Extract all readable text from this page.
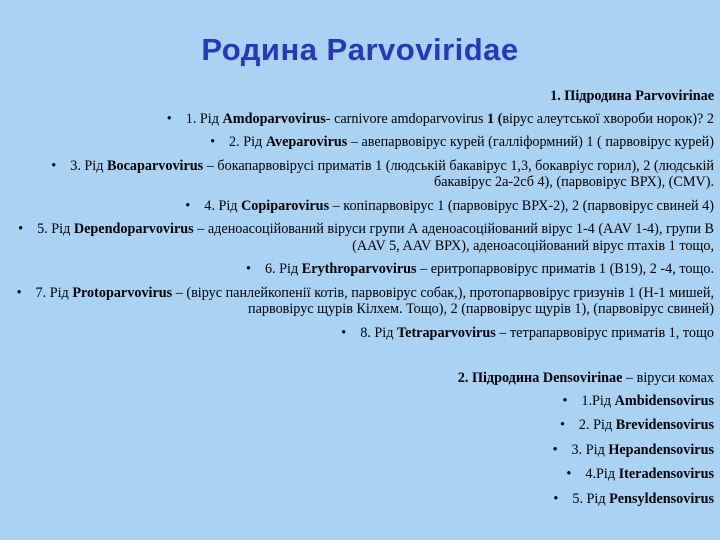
Родина Parvoviridae
1. Підродина Parvovirinae
• 1. Рід Amdoparvovirus- carnivore amdoparvovirus 1 (вірус алеутської хвороби норок)? 2
• 2. Рід Aveparovirus – авепарвовірус курей (галліформний) 1 ( парвовірус курей)
• 3. Рід Bocaparvovirus – бокапарвовірусі приматів 1 (людській бакавірус 1,3, бокавріус горил), 2 (людській бакавірус 2а-2сб 4), (парвовірус ВРХ), (CMV).
• 4. Рід Copiparovirus – копіпарвовірус 1 (парвовірус ВРХ-2), 2 (парвовірус свиней 4)
• 5. Рід Dependoparvovirus – аденоасоційований віруси групи А аденоасоційований вірус 1-4 (AAV 1-4), групи В (AAV 5, AAV ВРХ), аденоасоційований вірус птахів 1 тощо,
• 6. Рід Erythroparvovirus – еритропарвовірус приматів 1 (В19), 2 -4, тощо.
• 7. Рід Protoparvovirus – (вірус панлейкопенії котів, парвовірус собак,), протопарвовірус гризунів 1 (Н-1 мишей, парвовірус щурів Кілхем. Тощо), 2 (парвовірус щурів 1), (парвовірус свиней)
• 8. Рід Tetraparvovirus – тетрапарвовірус приматів 1, тощо
2. Підродина Densovirinae – віруси комах
• 1.Рід Ambidensovirus
• 2. Рід Brevidensovirus
• 3. Рід Hepandensovirus
• 4.Рід Iteradensovirus
• 5. Рід Pensyldensovirus
